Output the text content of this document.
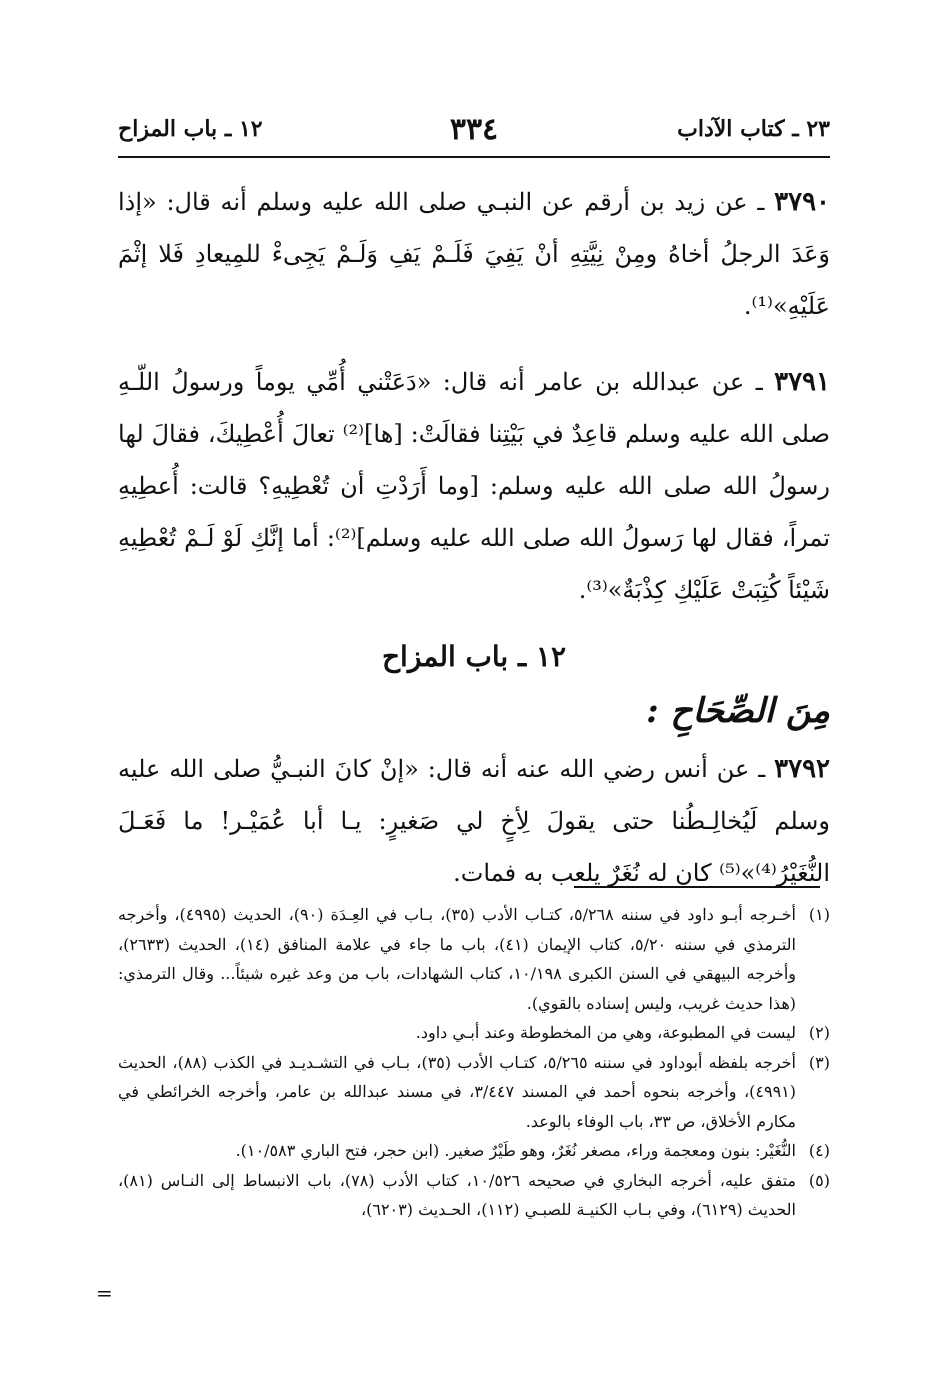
٢٣ ـ كتاب الآداب
٣٣٤
١٢ ـ باب المزاح

٣٧٩٠ ـ عن زيد بن أرقم عن النبـي صلى الله عليه وسلم أنه قال: «إذا وَعَدَ الرجلُ أخاهُ ومِنْ نِيَّتِهِ أنْ يَفِيَ فَلَـمْ يَفِ وَلَـمْ يَجِىءْ للمِيعادِ فَلا إثْمَ عَلَيْهِ»⁽¹⁾.

٣٧٩١ ـ عن عبدالله بن عامر أنه قال: «دَعَتْني أُمِّي يوماً ورسولُ اللّـهِ صلى الله عليه وسلم قاعِدٌ في بَيْتِنا فقالَتْ: [ها]⁽²⁾ تعالَ أُعْطِيكَ، فقالَ لها رسولُ الله صلى الله عليه وسلم: [وما أَرَدْتِ أن تُعْطِيهِ؟ قالت: أُعطِيهِ تمراً، فقال لها رَسولُ الله صلى الله عليه وسلم]⁽²⁾: أما إنَّكِ لَوْ لَـمْ تُعْطِيهِ شَيْئاً كُتِبَتْ عَلَيْكِ كِذْبَةٌ»⁽³⁾.

١٢ ـ باب المزاح
مِنَ الصِّحَاحِ :

٣٧٩٢ ـ عن أنس رضي الله عنه أنه قال: «إنْ كانَ النبـيُّ صلى الله عليه وسلم لَيُخالِـطُنا حتى يقولَ لِأخٍ لي صَغيرٍ: يـا أبا عُمَيْـر! ما فَعَـلَ النُّغَيْرُ⁽⁴⁾»⁽⁵⁾ كان له نُغَرٌ يلعب به فمات.

(١)
أخـرجه أبـو داود في سننه ٥/٢٦٨، كتـاب الأدب (٣٥)، بـاب في العِـدَة (٩٠)، الحديث (٤٩٩٥)، وأخرجه الترمذي في سننه ٥/٢٠، كتاب الإيمان (٤١)، باب ما جاء في علامة المنافق (١٤)، الحديث (٢٦٣٣)، وأخرجه البيهقي في السنن الكبرى ١٠/١٩٨، كتاب الشهادات، باب من وعد غيره شيئاً... وقال الترمذي: (هذا حديث غريب، وليس إسناده بالقوي).
(٢)
ليست في المطبوعة، وهي من المخطوطة وعند أبـي داود.
(٣)
أخرجه بلفظه أبوداود في سننه ٥/٢٦٥، كتـاب الأدب (٣٥)، بـاب في التشـديـد في الكذب (٨٨)، الحديث (٤٩٩١)، وأخرجه بنحوه أحمد في المسند ٣/٤٤٧، في مسند عبدالله بن عامر، وأخرجه الخرائطي في مكارم الأخلاق، ص ٣٣، باب الوفاء بالوعد.
(٤)
النُّغَيْر: بنون ومعجمة وراء، مصغر نُغَرٌ، وهو طَيْرٌ صغير. (ابن حجر، فتح الباري ١٠/٥٨٣).
(٥)
متفق عليه، أخرجه البخاري في صحيحه ١٠/٥٢٦، كتاب الأدب (٧٨)، باب الانبساط إلى النـاس (٨١)، الحديث (٦١٢٩)، وفي بـاب الكنيـة للصبـي (١١٢)، الحـديث (٦٢٠٣)،
=
